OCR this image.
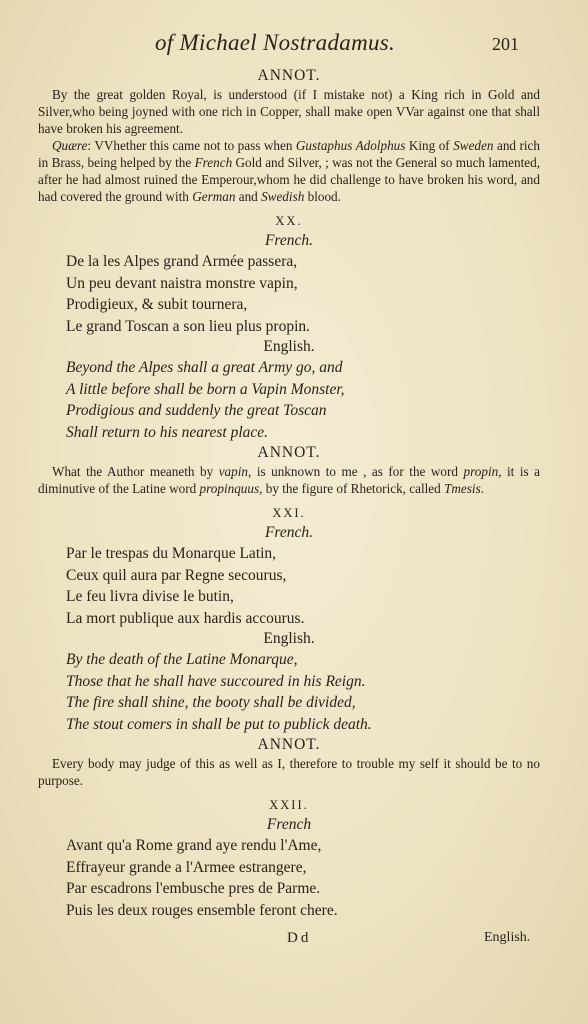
of Michael Nostradamus.	201
ANNOT.
By the great golden Royal, is understood (if I mistake not) a King rich in Gold and Silver,who being joyned with one rich in Copper, shall make open VVar against one that shall have broken his agreement.
Quære: VVhether this came not to pass when Gustaphus Adolphus King of Sweden and rich in Brass, being helped by the French Gold and Silver, ; was not the General so much lamented, after he had almost ruined the Emperour,whom he did challenge to have broken his word, and had covered the ground with German and Swedish blood.
XX.
French.
De la les Alpes grand Armée passera,
Un peu devant naistra monstre vapin,
Prodigieux, & subit tournera,
Le grand Toscan a son lieu plus propin.
English.
Beyond the Alpes shall a great Army go, and
A little before shall be born a Vapin Monster,
Prodigious and suddenly the great Toscan
Shall return to his nearest place.
ANNOT.
What the Author meaneth by vapin, is unknown to me , as for the word propin, it is a diminutive of the Latine word propinquus, by the figure of Rhetorick, called Tmesis.
XXI.
French.
Par le trespas du Monarque Latin,
Ceux quil aura par Regne secourus,
Le feu livra divise le butin,
La mort publique aux hardis accourus.
English.
By the death of the Latine Monarque,
Those that he shall have succoured in his Reign.
The fire shall shine, the booty shall be divided,
The stout comers in shall be put to publick death.
ANNOT.
Every body may judge of this as well as I, therefore to trouble my self it should be to no purpose.
XXII.
French
Avant qu'a Rome grand aye rendu l'Ame,
Effrayeur grande a l'Armee estrangere,
Par escadrons l'embusche pres de Parme.
Puis les deux rouges ensemble feront chere.
Dd	English.
